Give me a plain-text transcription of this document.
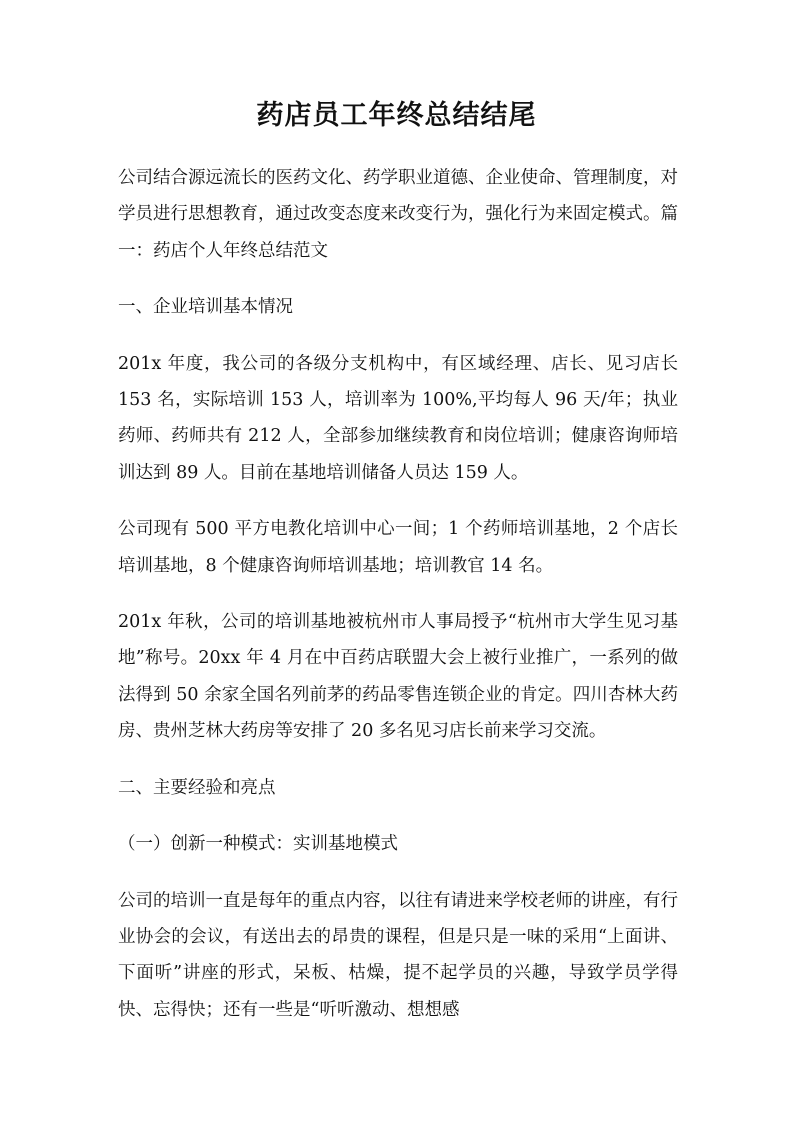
药店员工年终总结结尾

公司结合源远流长的医药文化、药学职业道德、企业使命、管理制度，对学员进行思想教育，通过改变态度来改变行为，强化行为来固定模式。篇一：药店个人年终总结范文

一、企业培训基本情况

201x 年度，我公司的各级分支机构中，有区域经理、店长、见习店长 153 名，实际培训 153 人，培训率为 100%,平均每人 96 天/年；执业药师、药师共有 212 人，全部参加继续教育和岗位培训；健康咨询师培训达到 89 人。目前在基地培训储备人员达 159 人。

公司现有 500 平方电教化培训中心一间；1 个药师培训基地，2 个店长培训基地，8 个健康咨询师培训基地；培训教官 14 名。

201x 年秋，公司的培训基地被杭州市人事局授予“杭州市大学生见习基地”称号。20xx 年 4 月在中百药店联盟大会上被行业推广，一系列的做法得到 50 余家全国名列前茅的药品零售连锁企业的肯定。四川杏林大药房、贵州芝林大药房等安排了 20 多名见习店长前来学习交流。

二、主要经验和亮点

（一）创新一种模式：实训基地模式

公司的培训一直是每年的重点内容，以往有请进来学校老师的讲座，有行业协会的会议，有送出去的昂贵的课程，但是只是一味的采用“上面讲、下面听”讲座的形式，呆板、枯燥，提不起学员的兴趣，导致学员学得快、忘得快；还有一些是“听听激动、想想感
